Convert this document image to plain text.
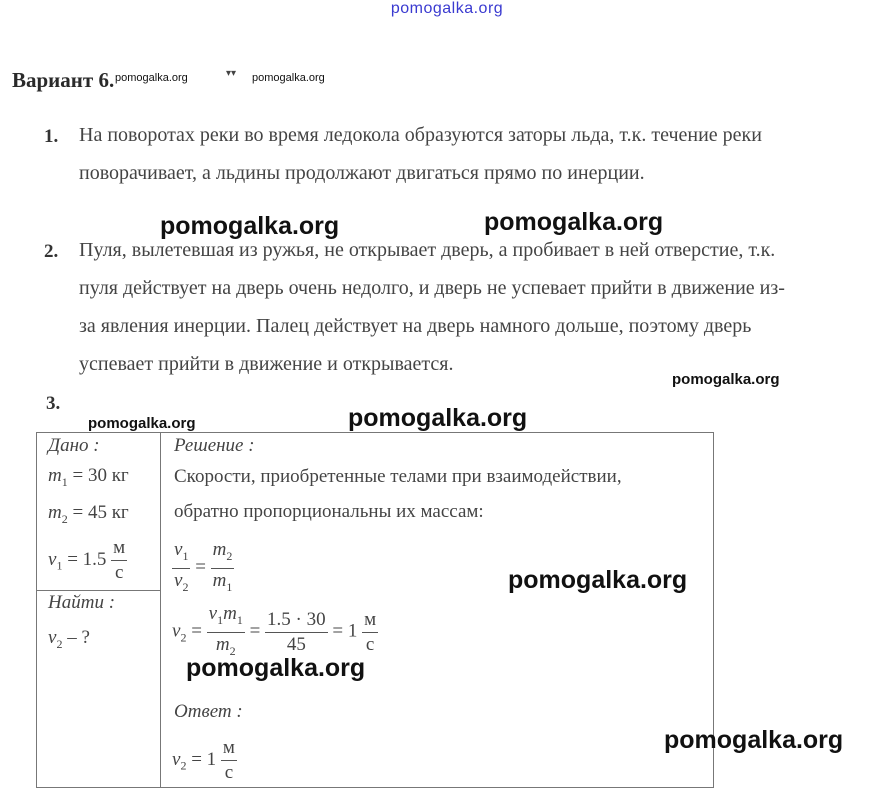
pomogalka.org
Вариант 6. pomogalka.org	▾▾ pomogalka.org
1. На поворотах реки во время ледокола образуются заторы льда, т.к. течение реки
поворачивает, а льдины продолжают двигаться прямо по инерции.
pomogalka.org	pomogalka.org
2. Пуля, вылетевшая из ружья, не открывает дверь, а пробивает в ней отверстие, т.к.
пуля действует на дверь очень недолго, и дверь не успевает прийти в движение из-
за явления инерции. Палец действует на дверь намного дольше, поэтому дверь
успевает прийти в движение и открывается.
pomogalka.org
3.
pomogalka.org	pomogalka.org
Дано :
$m_1 = 30$ кг
$m_2 = 45$ кг
$v_1 = 1.5 \frac{м}{с}$
Найти :
$v_2$ – ?
Решение :
Скорости, приобретенные телами при взаимодействии,
обратно пропорциональны их массам:
$\frac{v_1}{v_2} = \frac{m_2}{m_1}$	pomogalka.org
$v_2 = \frac{v_1m_1}{m_2} = \frac{1.5 \cdot 30}{45} = 1 \frac{м}{с}$
pomogalka.org
Ответ :
$v_2 = 1 \frac{м}{с}$	pomogalka.org
